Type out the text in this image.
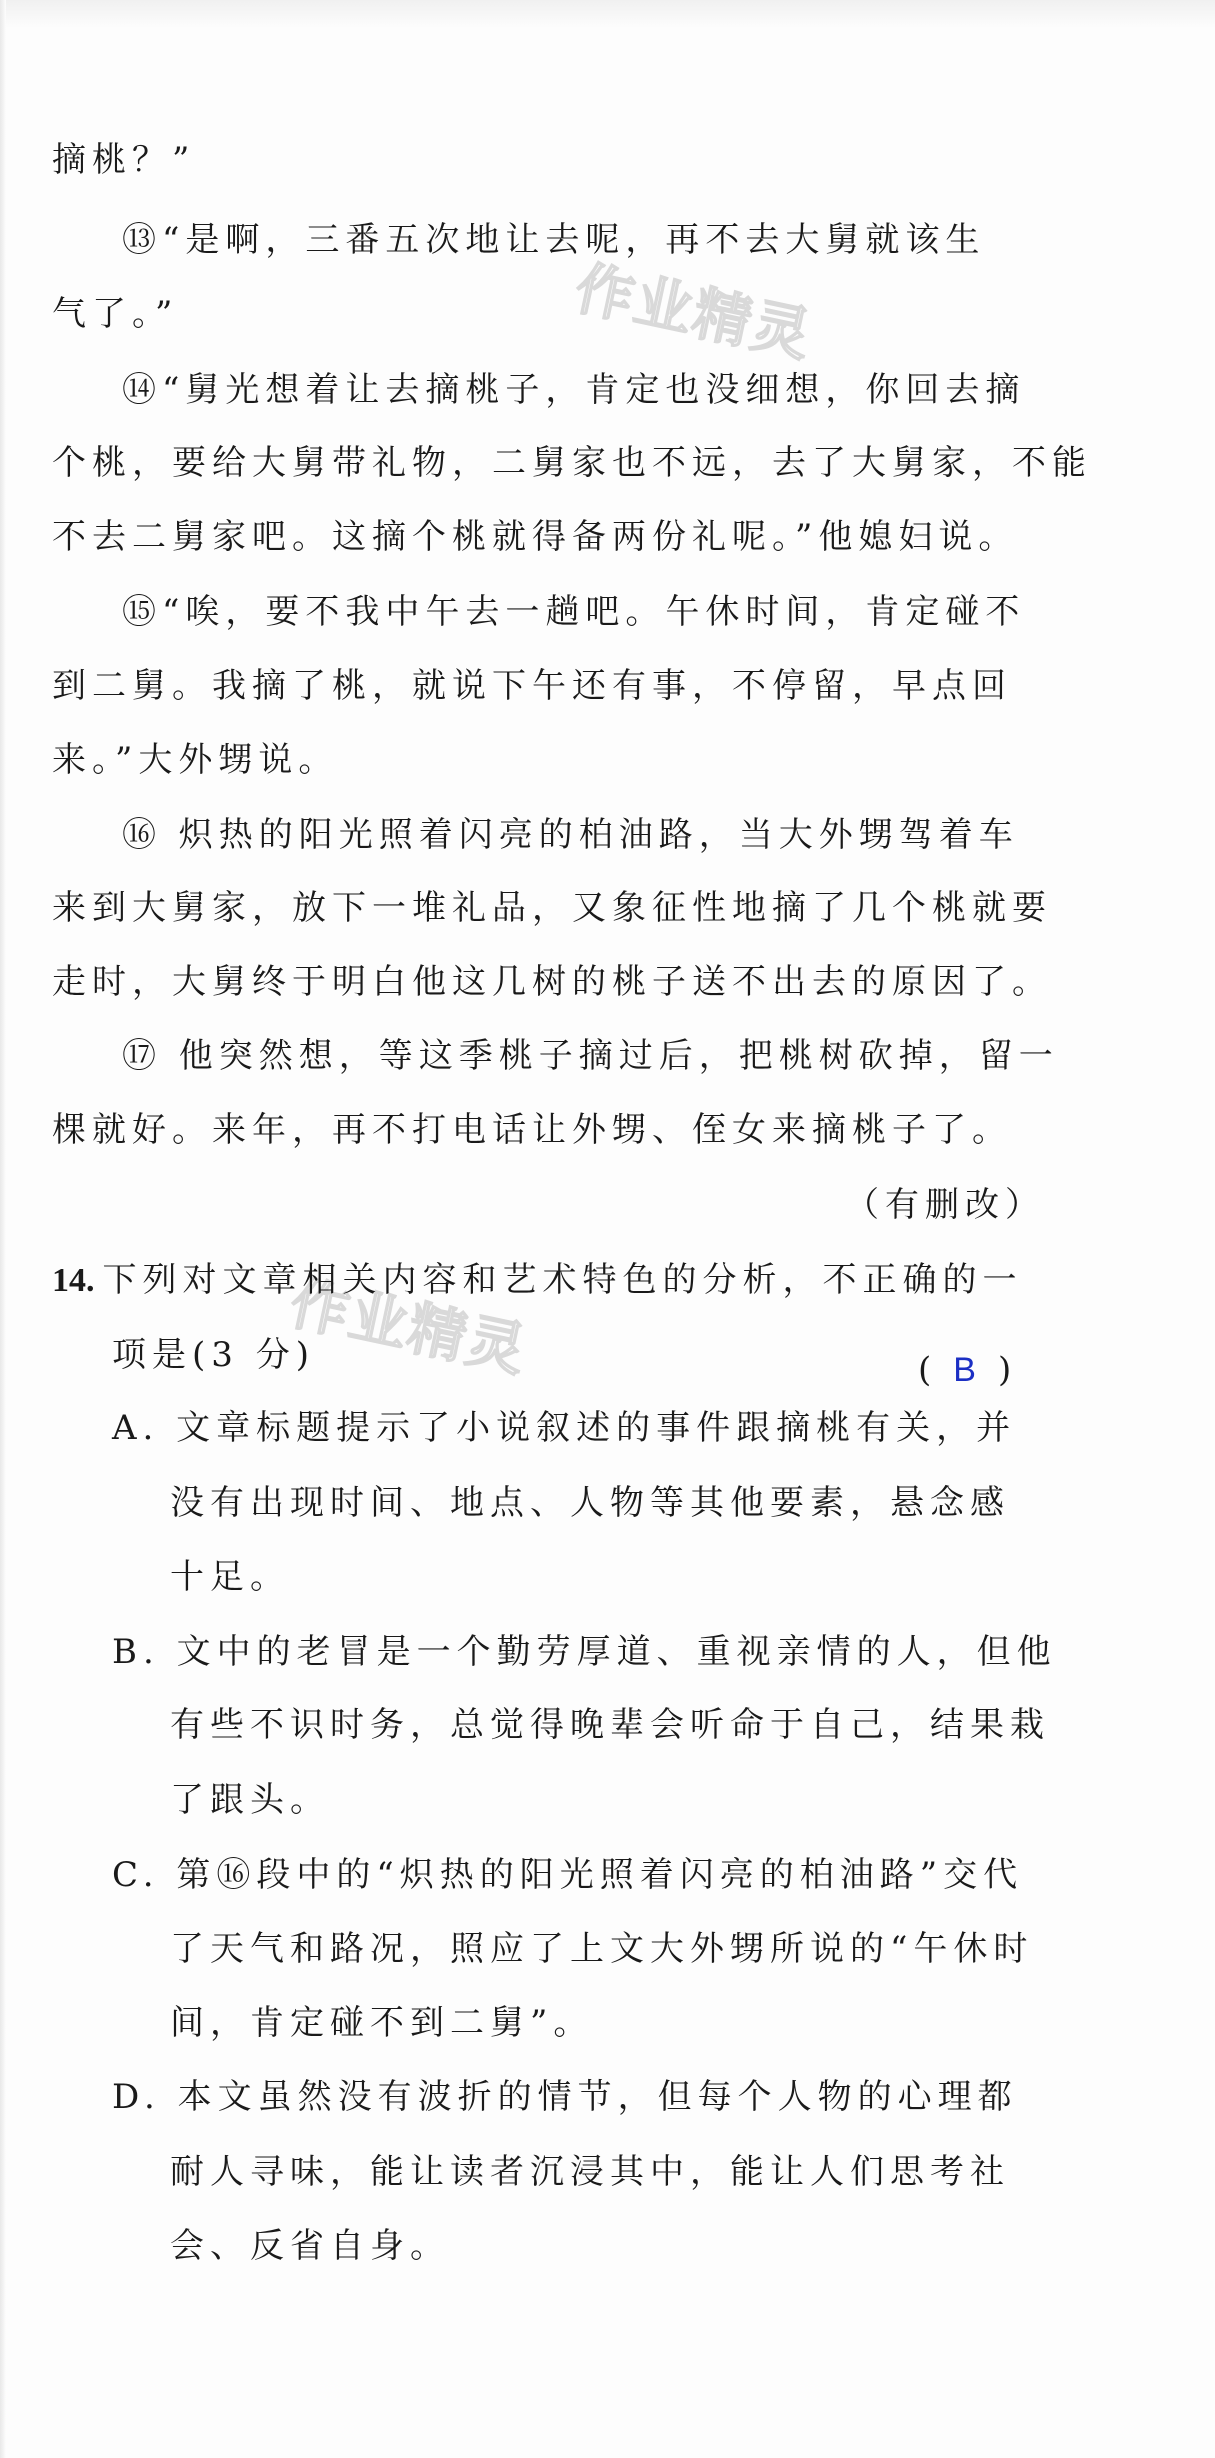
作业精灵
作业精灵
摘桃？”
⑬“是啊，三番五次地让去呢，再不去大舅就该生
气了。”
⑭“舅光想着让去摘桃子，肯定也没细想，你回去摘
个桃，要给大舅带礼物，二舅家也不远，去了大舅家，不能
不去二舅家吧。这摘个桃就得备两份礼呢。”他媳妇说。
⑮“唉，要不我中午去一趟吧。午休时间，肯定碰不
到二舅。我摘了桃，就说下午还有事，不停留，早点回
来。”大外甥说。
⑯ 炽热的阳光照着闪亮的柏油路，当大外甥驾着车
来到大舅家，放下一堆礼品，又象征性地摘了几个桃就要
走时，大舅终于明白他这几树的桃子送不出去的原因了。
⑰ 他突然想，等这季桃子摘过后，把桃树砍掉，留一
棵就好。来年，再不打电话让外甥、侄女来摘桃子了。
（有删改）
14. 下列对文章相关内容和艺术特色的分析，不正确的一
项是(3 分)	( B )
A. 文章标题提示了小说叙述的事件跟摘桃有关，并
没有出现时间、地点、人物等其他要素，悬念感
十足。
B. 文中的老冒是一个勤劳厚道、重视亲情的人，但他
有些不识时务，总觉得晚辈会听命于自己，结果栽
了跟头。
C. 第⑯段中的“炽热的阳光照着闪亮的柏油路”交代
了天气和路况，照应了上文大外甥所说的“午休时
间，肯定碰不到二舅”。
D. 本文虽然没有波折的情节，但每个人物的心理都
耐人寻味，能让读者沉浸其中，能让人们思考社
会、反省自身。
